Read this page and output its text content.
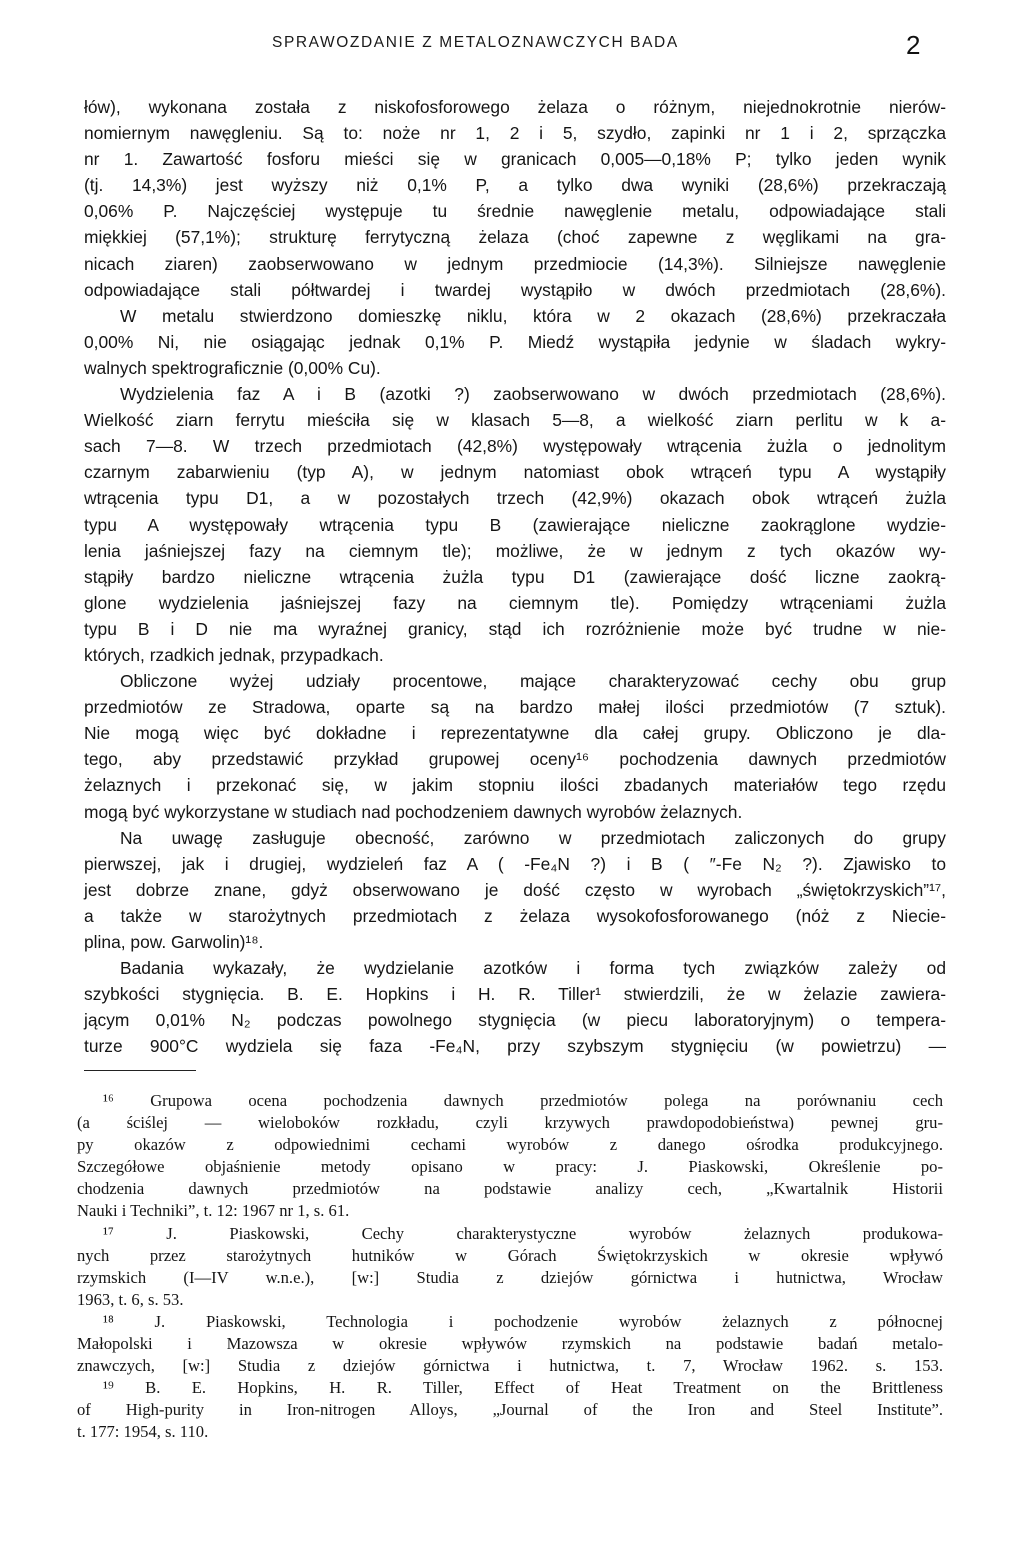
SPRAWOZDANIE Z METALOZNAWCZYCH BADA	2
łów), wykonana została z niskofosforowego żelaza o różnym, niejednokrotnie nierów-
nomiernym nawęgleniu. Są to: noże nr 1, 2 i 5, szydło, zapinki nr 1 i 2, sprzączka
nr 1. Zawartość fosforu mieści się w granicach 0,005—0,18% P; tylko jeden wynik
(tj. 14,3%) jest wyższy niż 0,1% P, a tylko dwa wyniki (28,6%) przekraczają
0,06% P. Najczęściej występuje tu średnie nawęglenie metalu, odpowiadające stali
miękkiej (57,1%); strukturę ferrytyczną żelaza (choć zapewne z węglikami na gra-
nicach ziaren) zaobserwowano w jednym przedmiocie (14,3%). Silniejsze nawęglenie
odpowiadające stali półtwardej i twardej wystąpiło w dwóch przedmiotach (28,6%).
W metalu stwierdzono domieszkę niklu, która w 2 okazach (28,6%) przekraczała
0,00% Ni, nie osiągając jednak 0,1% P. Miedź wystąpiła jedynie w śladach wykry-
walnych spektrograficznie (0,00% Cu).
Wydzielenia faz A i B (azotki ?) zaobserwowano w dwóch przedmiotach (28,6%).
Wielkość ziarn ferrytu mieściła się w klasach 5—8, a wielkość ziarn perlitu w k a-
sach 7—8. W trzech przedmiotach (42,8%) występowały wtrącenia żużla o jednolitym
czarnym zabarwieniu (typ A), w jednym natomiast obok wtrąceń typu A wystąpiły
wtrącenia typu D1, a w pozostałych trzech (42,9%) okazach obok wtrąceń żużla
typu A występowały wtrącenia typu B (zawierające nieliczne zaokrąglone wydzie-
lenia jaśniejszej fazy na ciemnym tle); możliwe, że w jednym z tych okazów wy-
stąpiły bardzo nieliczne wtrącenia żużla typu D1 (zawierające dość liczne zaokrą-
glone wydzielenia jaśniejszej fazy na ciemnym tle). Pomiędzy wtrąceniami żużla
typu B i D nie ma wyraźnej granicy, stąd ich rozróżnienie może być trudne w nie-
których, rzadkich jednak, przypadkach.
Obliczone wyżej udziały procentowe, mające charakteryzować cechy obu grup
przedmiotów ze Stradowa, oparte są na bardzo małej ilości przedmiotów (7 sztuk).
Nie mogą więc być dokładne i reprezentatywne dla całej grupy. Obliczono je dla-
tego, aby przedstawić przykład grupowej oceny¹⁶ pochodzenia dawnych przedmiotów
żelaznych i przekonać się, w jakim stopniu ilości zbadanych materiałów tego rzędu
mogą być wykorzystane w studiach nad pochodzeniem dawnych wyrobów żelaznych.
Na uwagę zasługuje obecność, zarówno w przedmiotach zaliczonych do grupy
pierwszej, jak i drugiej, wydzieleń faz A ( -Fe₄N ?) i B ( ″-Fe N₂ ?). Zjawisko to
jest dobrze znane, gdyż obserwowano je dość często w wyrobach „świętokrzyskich”¹⁷,
a także w starożytnych przedmiotach z żelaza wysokofosforowanego (nóż z Niecie-
plina, pow. Garwolin)¹⁸.
Badania wykazały, że wydzielanie azotków i forma tych związków zależy od
szybkości stygnięcia. B. E. Hopkins i H. R. Tiller¹ stwierdzili, że w żelazie zawiera-
jącym 0,01% N₂ podczas powolnego stygnięcia (w piecu laboratoryjnym) o tempera-
turze 900°C wydziela się faza -Fe₄N, przy szybszym stygnięciu (w powietrzu) —
¹⁶ Grupowa ocena pochodzenia dawnych przedmiotów polega na porównaniu cech
(a ściślej — wieloboków rozkładu, czyli krzywych prawdopodobieństwa) pewnej gru-
py okazów z odpowiednimi cechami wyrobów z danego ośrodka produkcyjnego.
Szczegółowe objaśnienie metody opisano w pracy: J. Piaskowski, Określenie po-
chodzenia dawnych przedmiotów na podstawie analizy cech, „Kwartalnik Historii
Nauki i Techniki”, t. 12: 1967 nr 1, s. 61.
¹⁷ J. Piaskowski, Cechy charakterystyczne wyrobów żelaznych produkowa-
nych przez starożytnych hutników w Górach Świętokrzyskich w okresie wpływó
rzymskich (I—IV w.n.e.), [w:] Studia z dziejów górnictwa i hutnictwa, Wrocław
1963, t. 6, s. 53.
¹⁸ J. Piaskowski, Technologia i pochodzenie wyrobów żelaznych z północnej
Małopolski i Mazowsza w okresie wpływów rzymskich na podstawie badań metalo-
znawczych, [w:] Studia z dziejów górnictwa i hutnictwa, t. 7, Wrocław 1962. s. 153.
¹⁹ B. E. Hopkins, H. R. Tiller, Effect of Heat Treatment on the Brittleness
of High-purity in Iron-nitrogen Alloys, „Journal of the Iron and Steel Institute”.
t. 177: 1954, s. 110.
